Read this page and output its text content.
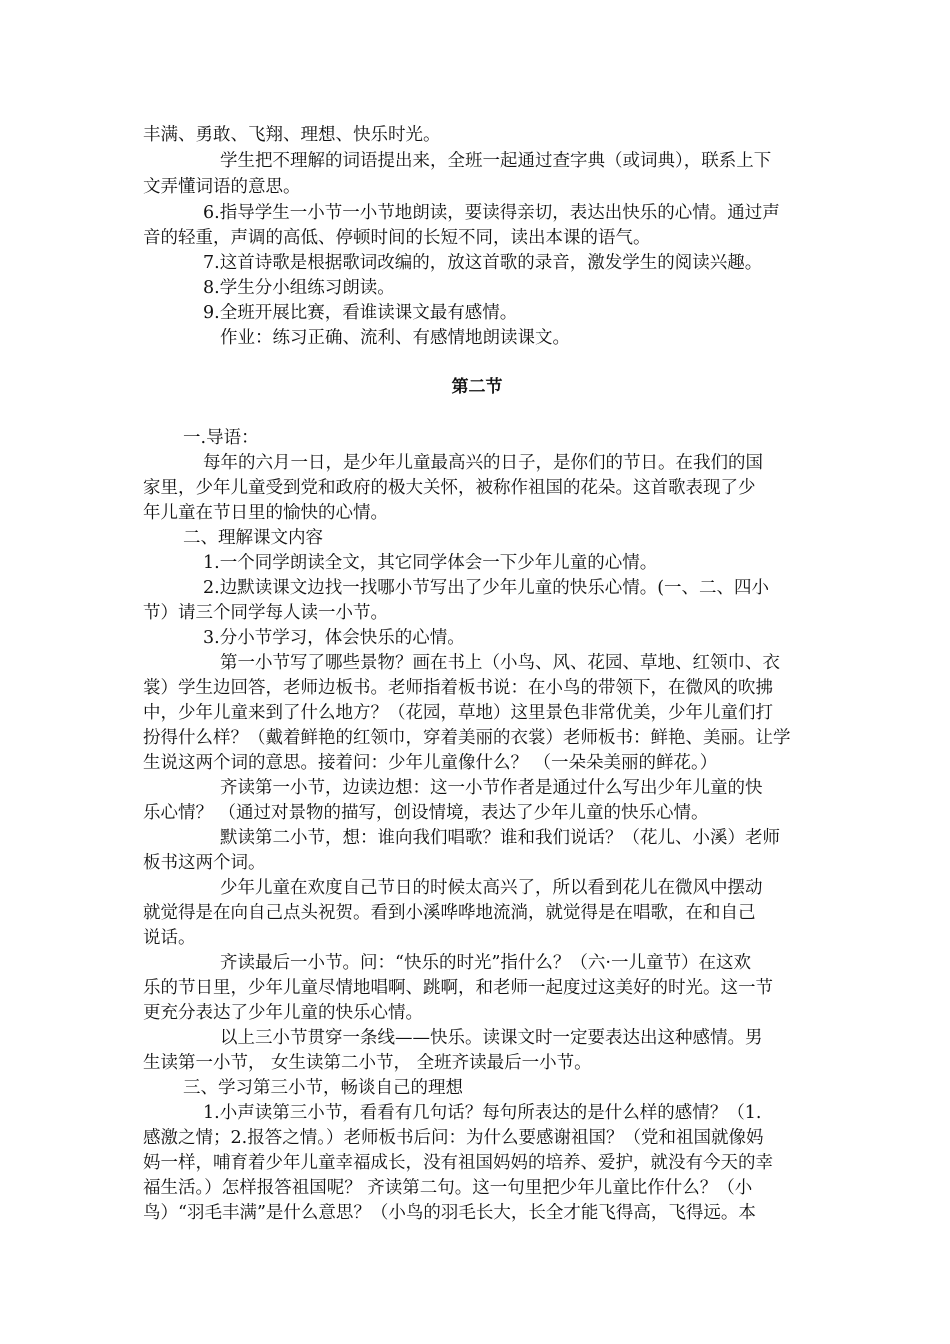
丰满、勇敢、飞翔、理想、快乐时光。
学生把不理解的词语提出来，全班一起通过查字典（或词典），联系上下
文弄懂词语的意思。
6.指导学生一小节一小节地朗读，要读得亲切，表达出快乐的心情。通过声
音的轻重，声调的高低、停顿时间的长短不同，读出本课的语气。
7.这首诗歌是根据歌词改编的，放这首歌的录音，激发学生的阅读兴趣。
8.学生分小组练习朗读。
9.全班开展比赛，看谁读课文最有感情。
作业：练习正确、流利、有感情地朗读课文。
第二节
一.导语：
每年的六月一日，是少年儿童最高兴的日子，是你们的节日。在我们的国
家里，少年儿童受到党和政府的极大关怀，被称作祖国的花朵。这首歌表现了少
年儿童在节日里的愉快的心情。
二、理解课文内容
1.一个同学朗读全文，其它同学体会一下少年儿童的心情。
2.边默读课文边找一找哪小节写出了少年儿童的快乐心情。(一、二、四小
节）请三个同学每人读一小节。
3.分小节学习，体会快乐的心情。
第一小节写了哪些景物？画在书上（小鸟、风、花园、草地、红领巾、衣
裳）学生边回答，老师边板书。老师指着板书说：在小鸟的带领下，在微风的吹拂
中，少年儿童来到了什么地方？（花园，草地）这里景色非常优美，少年儿童们打
扮得什么样？（戴着鲜艳的红领巾，穿着美丽的衣裳）老师板书：鲜艳、美丽。让学
生说这两个词的意思。接着问：少年儿童像什么？ （一朵朵美丽的鲜花。）
齐读第一小节，边读边想：这一小节作者是通过什么写出少年儿童的快
乐心情？ （通过对景物的描写，创设情境，表达了少年儿童的快乐心情。
默读第二小节，想：谁向我们唱歌？谁和我们说话？（花儿、小溪）老师
板书这两个词。
少年儿童在欢度自己节日的时候太高兴了，所以看到花儿在微风中摆动
就觉得是在向自己点头祝贺。看到小溪哗哗地流淌，就觉得是在唱歌，在和自己
说话。
齐读最后一小节。问：“快乐的时光”指什么？（六·一儿童节）在这欢
乐的节日里，少年儿童尽情地唱啊、跳啊，和老师一起度过这美好的时光。这一节
更充分表达了少年儿童的快乐心情。
以上三小节贯穿一条线——快乐。读课文时一定要表达出这种感情。男
生读第一小节， 女生读第二小节， 全班齐读最后一小节。
三、学习第三小节，畅谈自己的理想
1.小声读第三小节，看看有几句话？每句所表达的是什么样的感情？（1.
感激之情；2.报答之情。）老师板书后问：为什么要感谢祖国？（党和祖国就像妈
妈一样，哺育着少年儿童幸福成长，没有祖国妈妈的培养、爱护，就没有今天的幸
福生活。）怎样报答祖国呢？ 齐读第二句。这一句里把少年儿童比作什么？（小
鸟）“羽毛丰满”是什么意思？（小鸟的羽毛长大，长全才能飞得高，飞得远。本
